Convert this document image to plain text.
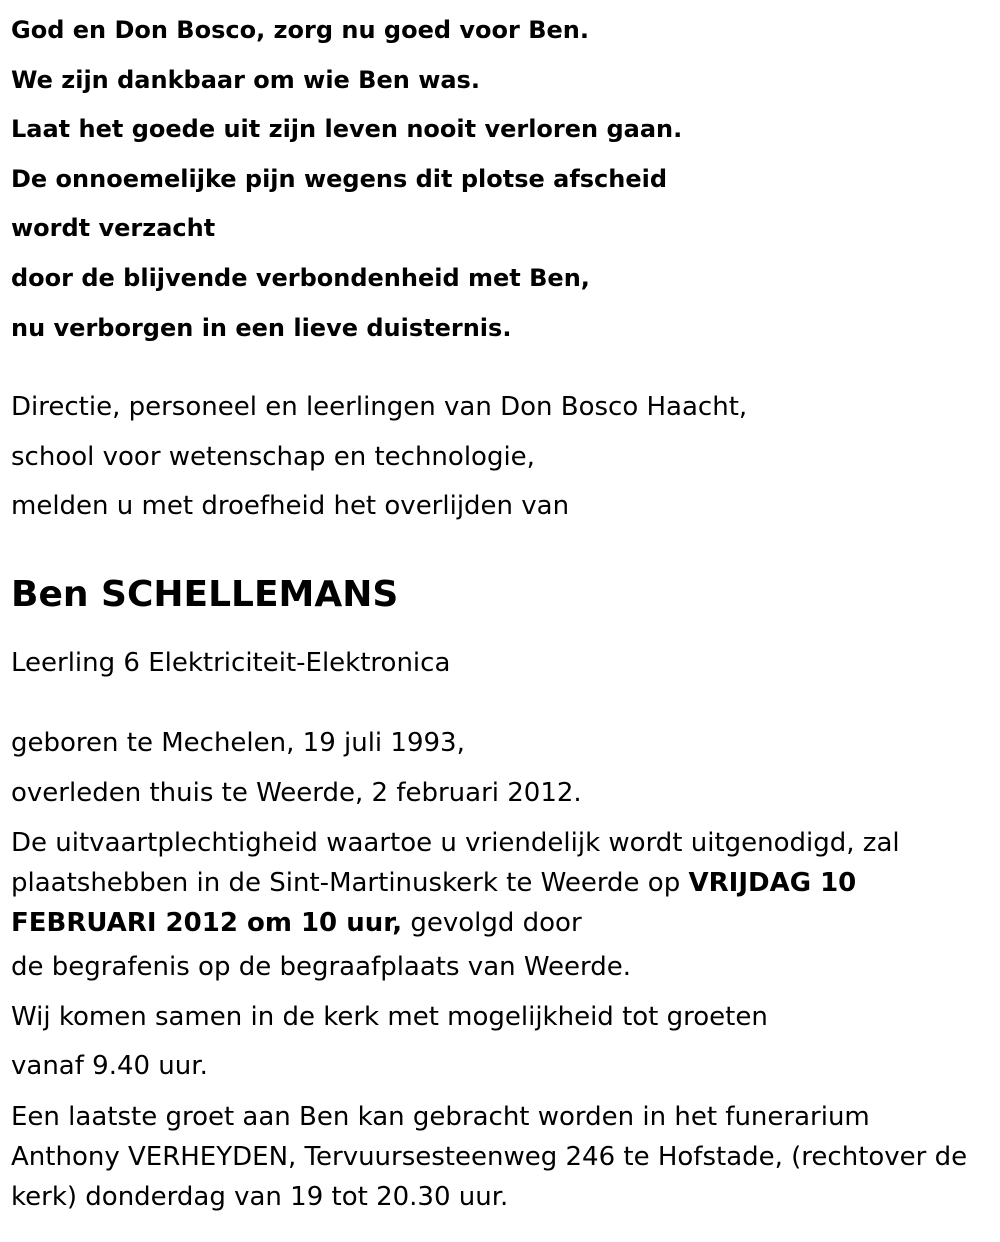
God en Don Bosco, zorg nu goed voor Ben.
We zijn dankbaar om wie Ben was.
Laat het goede uit zijn leven nooit verloren gaan.
De onnoemelijke pijn wegens dit plotse afscheid
wordt verzacht
door de blijvende verbondenheid met Ben,
nu verborgen in een lieve duisternis.
Directie, personeel en leerlingen van Don Bosco Haacht,
school voor wetenschap en technologie,
melden u met droefheid het overlijden van
Ben SCHELLEMANS
Leerling 6 Elektriciteit-Elektronica
geboren te Mechelen, 19 juli 1993,
overleden thuis te Weerde, 2 februari 2012.

De uitvaartplechtigheid waartoe u vriendelijk wordt uitgenodigd, zal plaatshebben in de Sint-Martinuskerk te Weerde op VRIJDAG 10 FEBRUARI 2012 om 10 uur, gevolgd door

de begrafenis op de begraafplaats van Weerde.
Wij komen samen in de kerk met mogelijkheid tot groeten
vanaf 9.40 uur.

Een laatste groet aan Ben kan gebracht worden in het funerarium Anthony VERHEYDEN, Tervuursesteenweg 246 te Hofstade, (rechtover de kerk) donderdag van 19 tot 20.30 uur.
